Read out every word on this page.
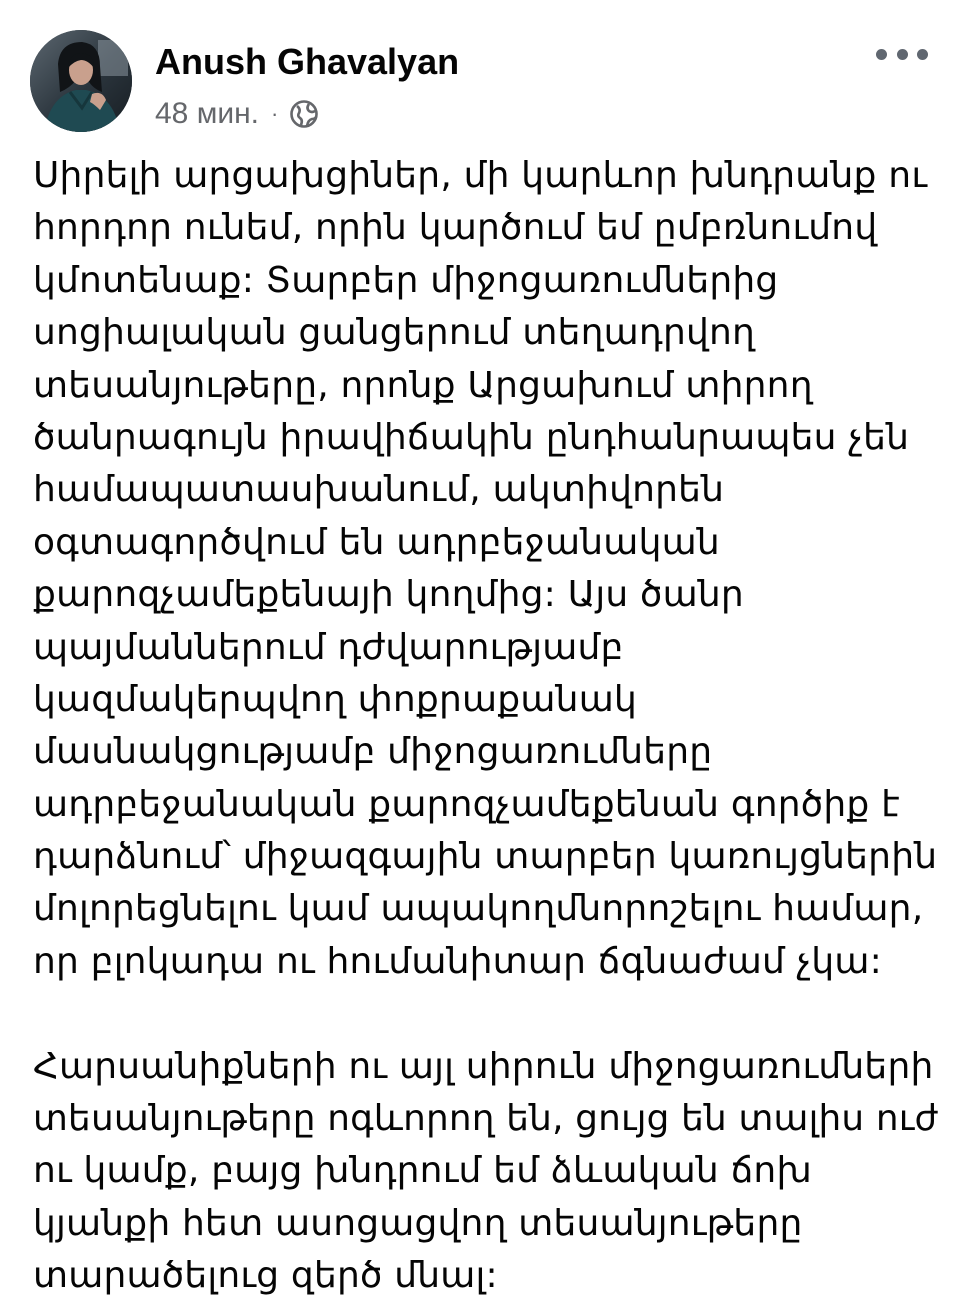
Anush Ghavalyan
48 мин. ·
Սիրելի արցախցիներ, մի կարևոր խնդրանք ու
հորդոր ունեմ, որին կարծում եմ ըմբռնումով
կմոտենաք: Տարբեր միջոցառումներից
սոցիալական ցանցերում տեղադրվող
տեսանյութերը, որոնք Արցախում տիրող
ծանրագույն իրավիճակին ընդհանրապես չեն
համապատասխանում, ակտիվորեն
օգտագործվում են ադրբեջանական
քարոզչամեքենայի կողմից: Այս ծանր
պայմաններում դժվարությամբ
կազմակերպվող փոքրաքանակ
մասնակցությամբ միջոցառումները
ադրբեջանական քարոզչամեքենան գործիք է
դարձնում՝ միջազգային տարբեր կառույցներին
մոլորեցնելու կամ ապակողմնորոշելու համար,
որ բլոկադա ու հումանիտար ճգնաժամ չկա:
Հարսանիքների ու այլ սիրուն միջոցառումների
տեսանյութերը ոգևորող են, ցույց են տալիս ուժ
ու կամք, բայց խնդրում եմ ձևական ճոխ
կյանքի հետ ասոցացվող տեսանյութերը
տարածելուց զերծ մնալ:
